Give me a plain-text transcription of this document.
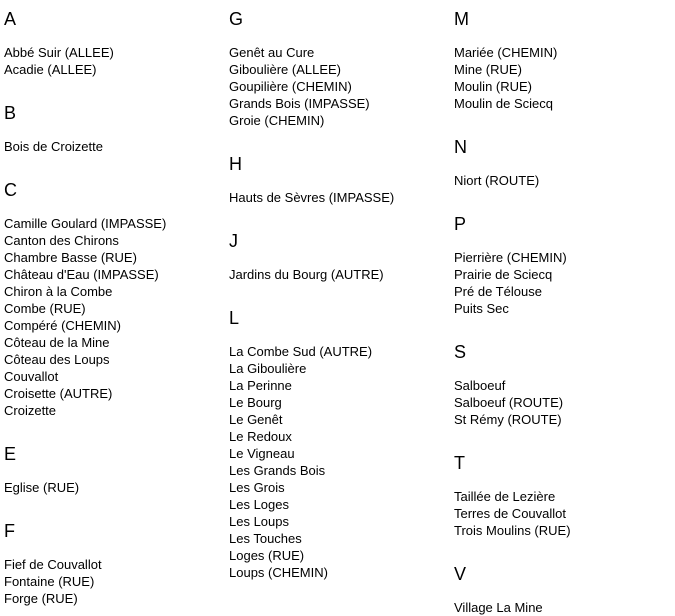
A
Abbé Suir (ALLEE)
Acadie (ALLEE)
B
Bois de Croizette
C
Camille Goulard (IMPASSE)
Canton des Chirons
Chambre Basse (RUE)
Château d'Eau (IMPASSE)
Chiron à la Combe
Combe (RUE)
Compéré (CHEMIN)
Côteau de la Mine
Côteau des Loups
Couvallot
Croisette (AUTRE)
Croizette
E
Eglise (RUE)
F
Fief de Couvallot
Fontaine (RUE)
Forge (RUE)
G
Genêt au Cure
Giboulière (ALLEE)
Goupilière (CHEMIN)
Grands Bois (IMPASSE)
Groie (CHEMIN)
H
Hauts de Sèvres (IMPASSE)
J
Jardins du Bourg (AUTRE)
L
La Combe Sud (AUTRE)
La Giboulière
La Perinne
Le Bourg
Le Genêt
Le Redoux
Le Vigneau
Les Grands Bois
Les Grois
Les Loges
Les Loups
Les Touches
Loges (RUE)
Loups (CHEMIN)
M
Mariée (CHEMIN)
Mine (RUE)
Moulin (RUE)
Moulin de Sciecq
N
Niort (ROUTE)
P
Pierrière (CHEMIN)
Prairie de Sciecq
Pré de Télouse
Puits Sec
S
Salboeuf
Salboeuf (ROUTE)
St Rémy (ROUTE)
T
Taillée de Lezière
Terres de Couvallot
Trois Moulins (RUE)
V
Village La Mine
